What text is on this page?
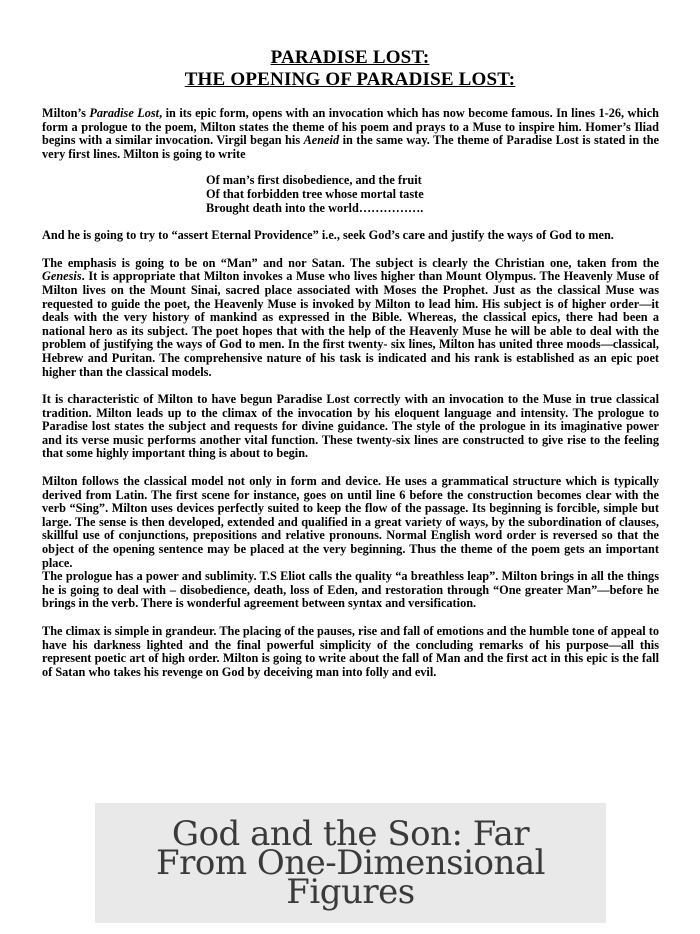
PARADISE LOST:
THE OPENING OF PARADISE LOST:

Milton’s Paradise Lost, in its epic form, opens with an invocation which has now become famous. In lines 1-26, which form a prologue to the poem, Milton states the theme of his poem and prays to a Muse to inspire him. Homer’s Iliad begins with a similar invocation. Virgil began his Aeneid in the same way. The theme of Paradise Lost is stated in the very first lines. Milton is going to write

Of man’s first disobedience, and the fruit
Of that forbidden tree whose mortal taste
Brought death into the world…………….

And he is going to try to “assert Eternal Providence” i.e., seek God’s care and justify the ways of God to men.

The emphasis is going to be on “Man” and nor Satan. The subject is clearly the Christian one, taken from the Genesis. It is appropriate that Milton invokes a Muse who lives higher than Mount Olympus. The Heavenly Muse of Milton lives on the Mount Sinai, sacred place associated with Moses the Prophet. Just as the classical Muse was requested to guide the poet, the Heavenly Muse is invoked by Milton to lead him. His subject is of higher order—it deals with the very history of mankind as expressed in the Bible. Whereas, the classical epics, there had been a national hero as its subject. The poet hopes that with the help of the Heavenly Muse he will be able to deal with the problem of justifying the ways of God to men. In the first twenty- six lines, Milton has united three moods—classical, Hebrew and Puritan. The comprehensive nature of his task is indicated and his rank is established as an epic poet higher than the classical models.

It is characteristic of Milton to have begun Paradise Lost correctly with an invocation to the Muse in true classical tradition. Milton leads up to the climax of the invocation by his eloquent language and intensity. The prologue to Paradise lost states the subject and requests for divine guidance. The style of the prologue in its imaginative power and its verse music performs another vital function. These twenty-six lines are constructed to give rise to the feeling that some highly important thing is about to begin.

Milton follows the classical model not only in form and device. He uses a grammatical structure which is typically derived from Latin. The first scene for instance, goes on until line 6 before the construction becomes clear with the verb “Sing”. Milton uses devices perfectly suited to keep the flow of the passage. Its beginning is forcible, simple but large. The sense is then developed, extended and qualified in a great variety of ways, by the subordination of clauses, skillful use of conjunctions, prepositions and relative pronouns. Normal English word order is reversed so that the object of the opening sentence may be placed at the very beginning. Thus the theme of the poem gets an important place.

The prologue has a power and sublimity. T.S Eliot calls the quality “a breathless leap”. Milton brings in all the things he is going to deal with – disobedience, death, loss of Eden, and restoration through “One greater Man”—before he brings in the verb. There is wonderful agreement between syntax and versification.

The climax is simple in grandeur. The placing of the pauses, rise and fall of emotions and the humble tone of appeal to have his darkness lighted and the final powerful simplicity of the concluding remarks of his purpose—all this represent poetic art of high order. Milton is going to write about the fall of Man and the first act in this epic is the fall of Satan who takes his revenge on God by deceiving man into folly and evil.

God and the Son: Far
From One-Dimensional
Figures
